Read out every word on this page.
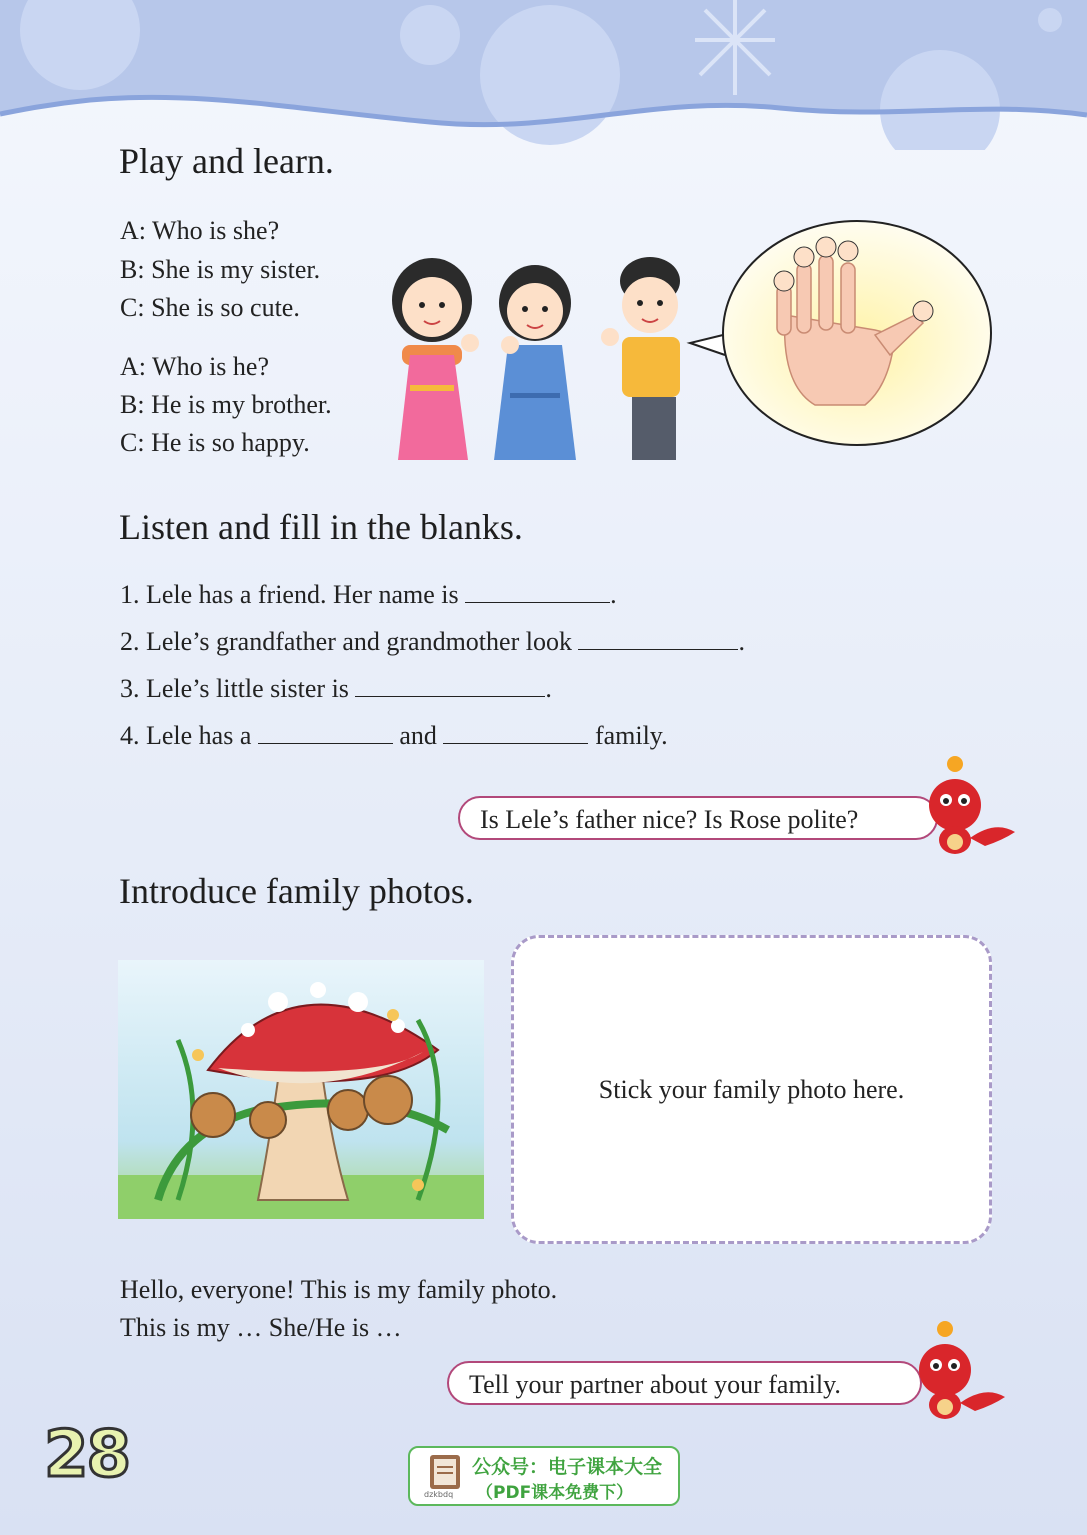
Play and learn.

A: Who is she?

B: She is my sister.

C: She is so cute.

A: Who is he?

B: He is my brother.

C: He is so happy.

Listen and fill in the blanks.

1. Lele has a friend. Her name is	.

2. Lele’s grandfather and grandmother look	.

3. Lele’s little sister is	.

4. Lele has a	and	family.

Is Lele’s father nice? Is Rose polite?
Introduce family photos.
Stick your family photo here.

Hello, everyone! This is my family photo.

This is my … She/He is …

Tell your partner about your family.
28
dzkbdq
公众号：电子课本大全
（PDF课本免费下）
